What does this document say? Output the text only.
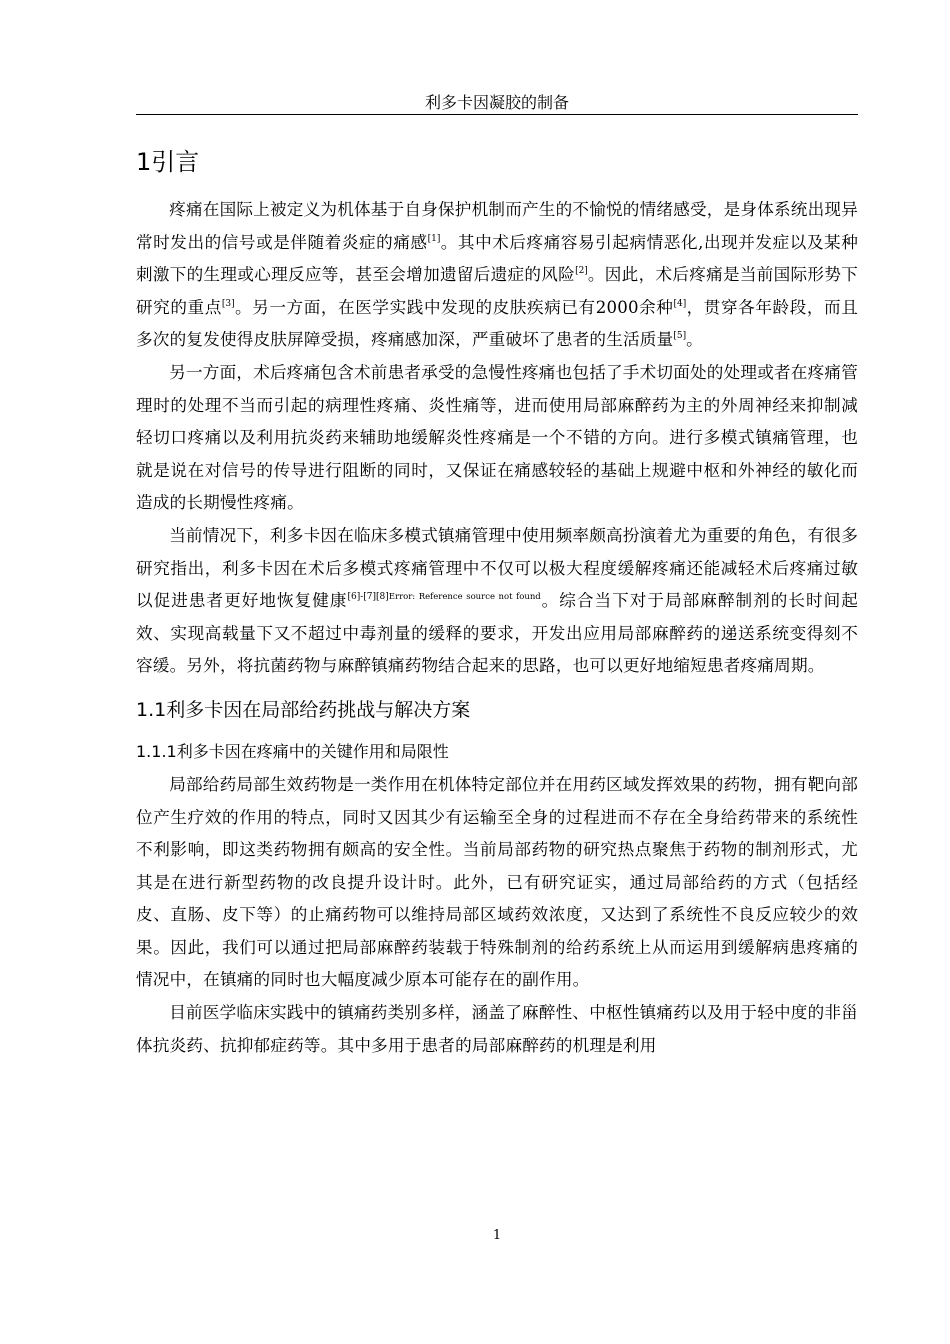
利多卡因凝胶的制备
1引言

疼痛在国际上被定义为机体基于自身保护机制而产生的不愉悦的情绪感受，是身体系统出现异常时发出的信号或是伴随着炎症的痛感[1]。其中术后疼痛容易引起病情恶化,出现并发症以及某种刺激下的生理或心理反应等，甚至会增加遗留后遗症的风险[2]。因此，术后疼痛是当前国际形势下研究的重点[3]。另一方面，在医学实践中发现的皮肤疾病已有2000余种[4]，贯穿各年龄段，而且多次的复发使得皮肤屏障受损，疼痛感加深，严重破坏了患者的生活质量[5]。

另一方面，术后疼痛包含术前患者承受的急慢性疼痛也包括了手术切面处的处理或者在疼痛管理时的处理不当而引起的病理性疼痛、炎性痛等，进而使用局部麻醉药为主的外周神经来抑制减轻切口疼痛以及利用抗炎药来辅助地缓解炎性疼痛是一个不错的方向。进行多模式镇痛管理，也就是说在对信号的传导进行阻断的同时，又保证在痛感较轻的基础上规避中枢和外神经的敏化而造成的长期慢性疼痛。

当前情况下，利多卡因在临床多模式镇痛管理中使用频率颇高扮演着尤为重要的角色，有很多研究指出，利多卡因在术后多模式疼痛管理中不仅可以极大程度缓解疼痛还能减轻术后疼痛过敏以促进患者更好地恢复健康$^{[6]-[7][8]Error: Reference source not found}$。综合当下对于局部麻醉制剂的长时间起效、实现高载量下又不超过中毒剂量的缓释的要求，开发出应用局部麻醉药的递送系统变得刻不容缓。另外，将抗菌药物与麻醉镇痛药物结合起来的思路，也可以更好地缩短患者疼痛周期。

1.1利多卡因在局部给药挑战与解决方案
1.1.1利多卡因在疼痛中的关键作用和局限性

局部给药局部生效药物是一类作用在机体特定部位并在用药区域发挥效果的药物，拥有靶向部位产生疗效的作用的特点，同时又因其少有运输至全身的过程进而不存在全身给药带来的系统性不利影响，即这类药物拥有颇高的安全性。当前局部药物的研究热点聚焦于药物的制剂形式，尤其是在进行新型药物的改良提升设计时。此外，已有研究证实，通过局部给药的方式（包括经皮、直肠、皮下等）的止痛药物可以维持局部区域药效浓度，又达到了系统性不良反应较少的效果。因此，我们可以通过把局部麻醉药装载于特殊制剂的给药系统上从而运用到缓解病患疼痛的情况中，在镇痛的同时也大幅度减少原本可能存在的副作用。

目前医学临床实践中的镇痛药类别多样，涵盖了麻醉性、中枢性镇痛药以及用于轻中度的非甾体抗炎药、抗抑郁症药等。其中多用于患者的局部麻醉药的机理是利用

1
